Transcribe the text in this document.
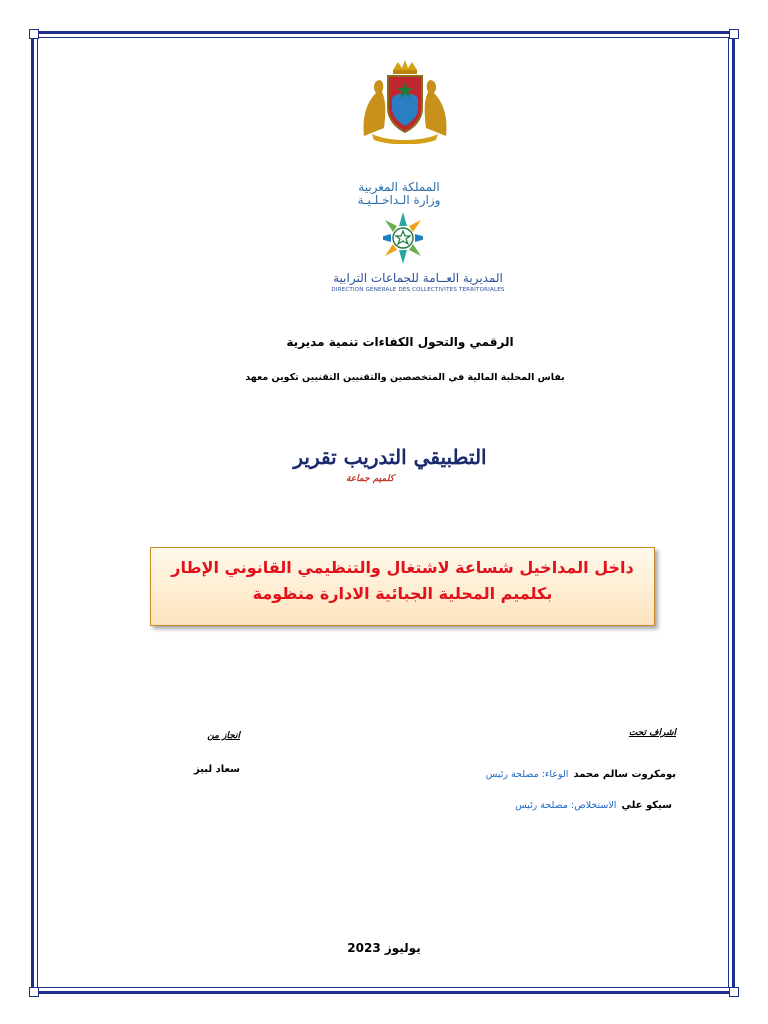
المملكة المغربية
وزارة الـداخـلـيـة
المديرية العــامة للجماعات الترابية
DIRECTION GENERALE DES COLLECTIVITES TERRITORIALES
الرقمي والتحول الكفاءات تنمية مديرية
بفاس المحلية المالية في المتخصصين والتقنيين التقنيين تكوين معهد
التطبيقي التدريب تقرير
كلميم جماعة
داخل المداخيل شساعة لاشتغال والتنظيمي القانوني الإطار
بكلميم المحلية الجبائية الادارة منظومة
انجاز من
سعاد لبيز
اشراف تحت
بومكروت سالم محمد الوعاء: مصلحة رئيس
سيكو علي الاستخلاص: مصلحة رئيس
يوليوز 2023
